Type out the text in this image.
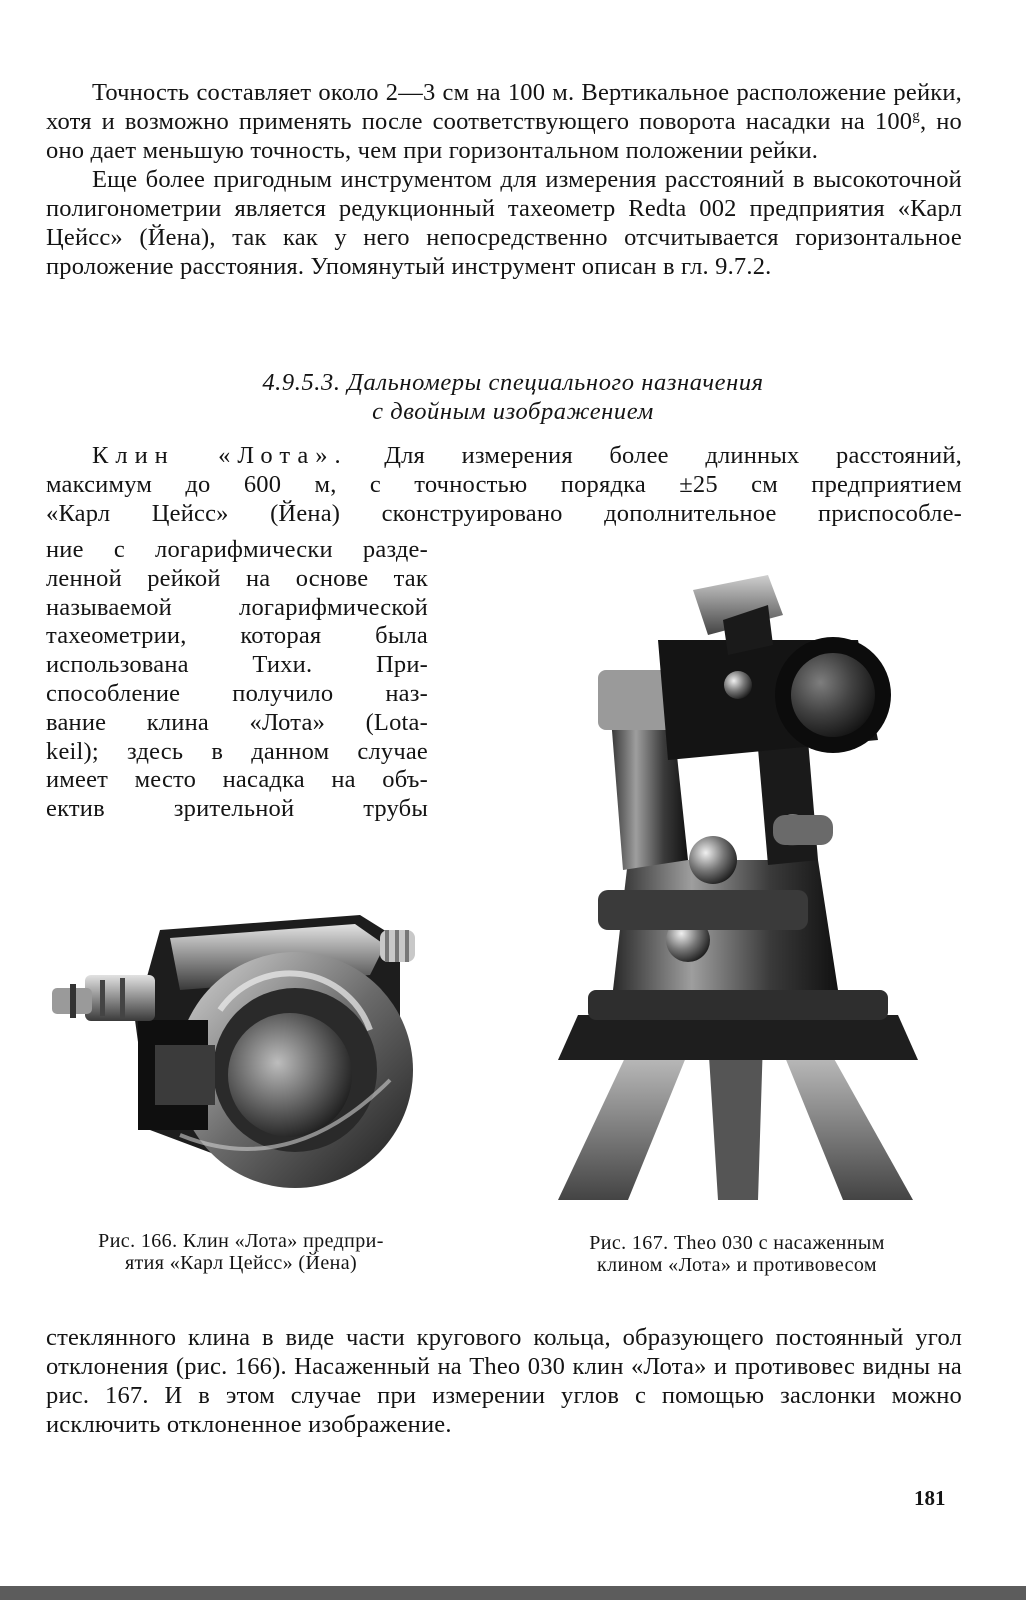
Точность составляет около 2—3 см на 100 м. Вертикальное расположение рейки, хотя и возможно применять после соответствующего поворота насадки на 100$^g$, но оно дает меньшую точность, чем при горизонтальном положении рейки.

Еще более пригодным инструментом для измерения расстояний в высокоточной полигонометрии является редукционный тахеометр Redta 002 предприятия «Карл Цейсс» (Йена), так как у него непосредственно отсчитывается горизонтальное проложение расстояния. Упомянутый инструмент описан в гл. 9.7.2.

4.9.5.3. Дальномеры специального назначения
с двойным изображением
Клин «Лота». Для измерения более длинных расстояний,
максимум до 600 м, с точностью порядка ±25 см предприятием
«Карл Цейсс» (Йена) сконструировано дополнительное приспособле-
ние с логарифмически разде-
ленной рейкой на основе так
называемой логарифмической
тахеометрии, которая была
использована Тихи. При-
способление получило наз-
вание клина «Лота» (Lota-
keil); здесь в данном случае
имеет место насадка на объ-
ектив зрительной трубы
Рис. 166. Клин «Лота» предпри-
ятия «Карл Цейсс» (Йена)
Рис. 167. Theo 030 с насаженным
клином «Лота» и противовесом

стеклянного клина в виде части кругового кольца, образующего постоянный угол отклонения (рис. 166). Насаженный на Theo 030 клин «Лота» и противовес видны на рис. 167. И в этом случае при измерении углов с помощью заслонки можно исключить отклоненное изображение.

181
